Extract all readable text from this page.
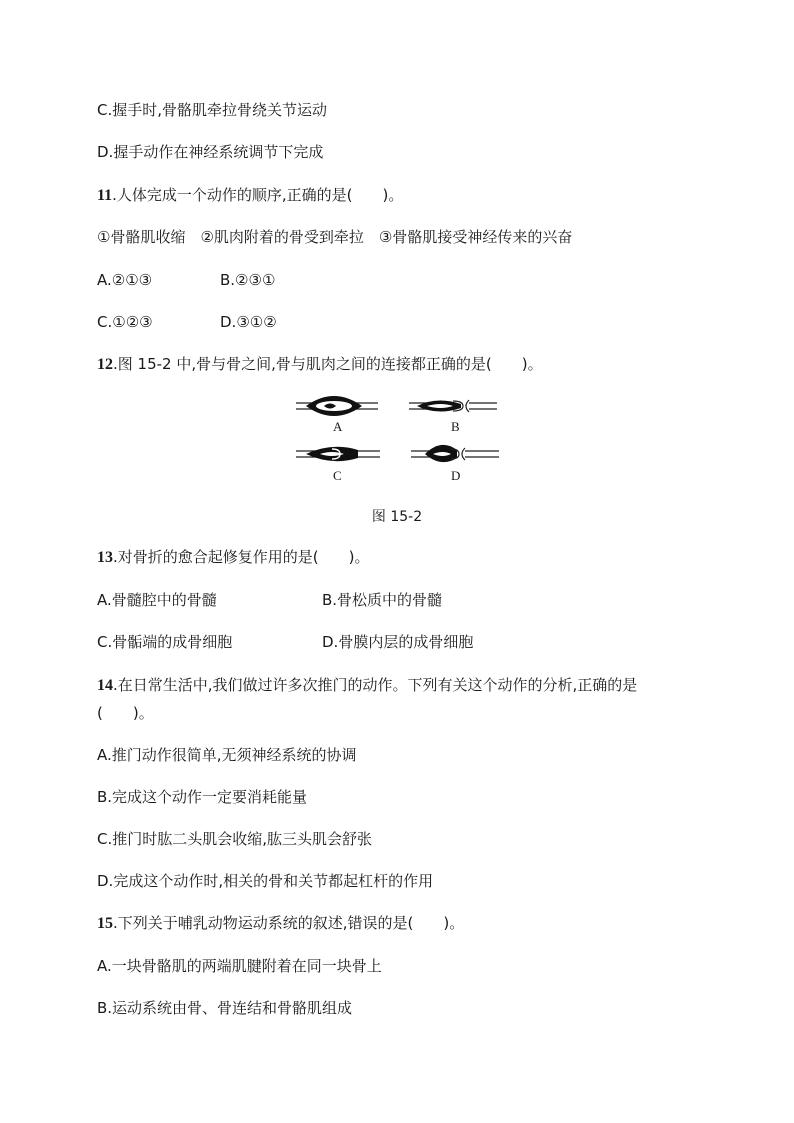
C.握手时,骨骼肌牵拉骨绕关节运动
D.握手动作在神经系统调节下完成
11.人体完成一个动作的顺序,正确的是(　　)。
①骨骼肌收缩　②肌肉附着的骨受到牵拉　③骨骼肌接受神经传来的兴奋
A.②①③	B.②③①
C.①②③	D.③①②
12.图 15-2 中,骨与骨之间,骨与肌肉之间的连接都正确的是(　　)。
A	B
C	D
图 15-2
13.对骨折的愈合起修复作用的是(　　)。
A.骨髓腔中的骨髓	B.骨松质中的骨髓
C.骨骺端的成骨细胞	D.骨膜内层的成骨细胞
14.在日常生活中,我们做过许多次推门的动作。下列有关这个动作的分析,正确的是
(　　)。
A.推门动作很简单,无须神经系统的协调
B.完成这个动作一定要消耗能量
C.推门时肱二头肌会收缩,肱三头肌会舒张
D.完成这个动作时,相关的骨和关节都起杠杆的作用
15.下列关于哺乳动物运动系统的叙述,错误的是(　　)。
A.一块骨骼肌的两端肌腱附着在同一块骨上
B.运动系统由骨、骨连结和骨骼肌组成
